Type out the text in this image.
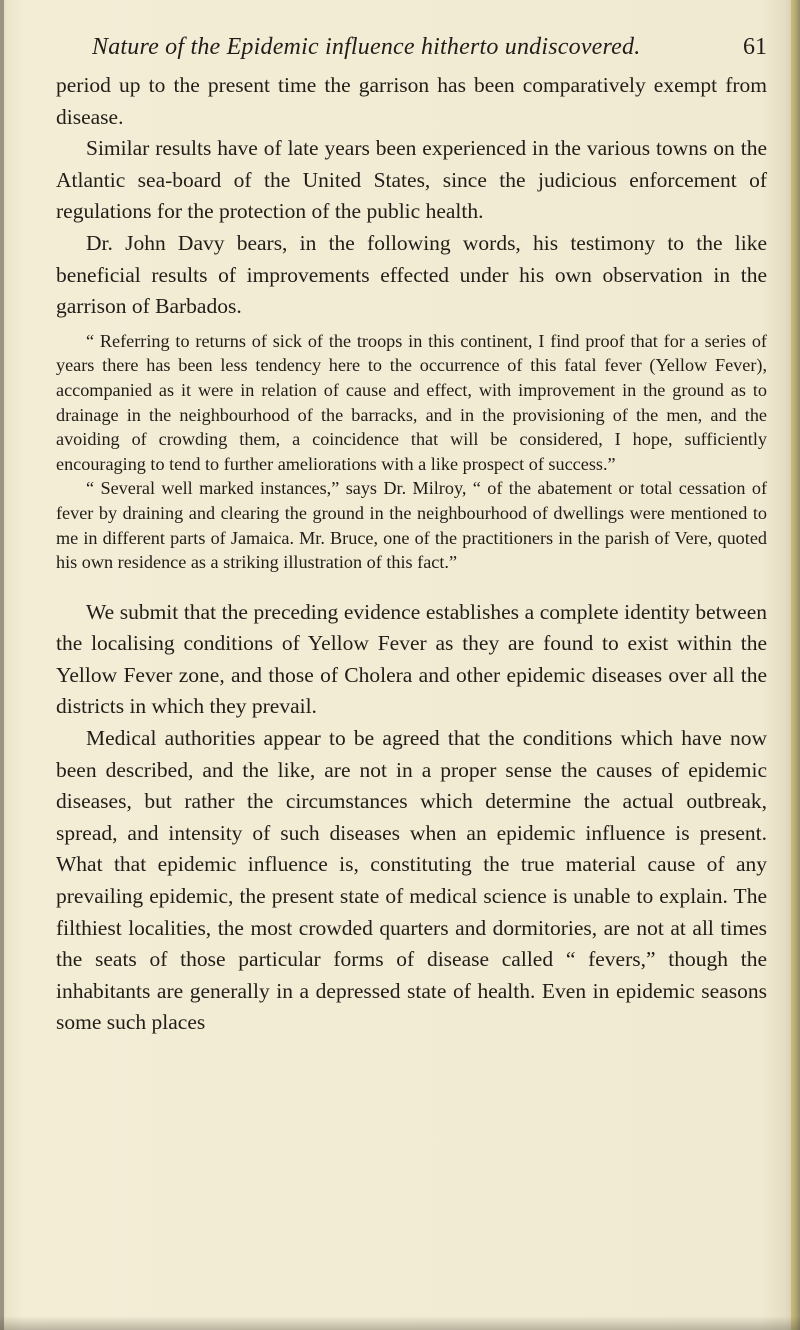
Nature of the Epidemic influence hitherto undiscovered.	61

period up to the present time the garrison has been comparatively exempt from disease.

Similar results have of late years been experienced in the various towns on the Atlantic sea-board of the United States, since the judicious enforcement of regulations for the protection of the public health.

Dr. John Davy bears, in the following words, his testimony to the like beneficial results of improvements effected under his own observation in the garrison of Barbados.

“ Referring to returns of sick of the troops in this continent, I find proof that for a series of years there has been less tendency here to the occurrence of this fatal fever (Yellow Fever), accompanied as it were in relation of cause and effect, with improvement in the ground as to drainage in the neighbourhood of the barracks, and in the provisioning of the men, and the avoiding of crowding them, a coincidence that will be considered, I hope, sufficiently encouraging to tend to further ameliorations with a like prospect of success.”

“ Several well marked instances,” says Dr. Milroy, “ of the abatement or total cessation of fever by draining and clearing the ground in the neighbourhood of dwellings were mentioned to me in different parts of Jamaica. Mr. Bruce, one of the practitioners in the parish of Vere, quoted his own residence as a striking illustration of this fact.”

We submit that the preceding evidence establishes a complete identity between the localising conditions of Yellow Fever as they are found to exist within the Yellow Fever zone, and those of Cholera and other epidemic diseases over all the districts in which they prevail.

Medical authorities appear to be agreed that the conditions which have now been described, and the like, are not in a proper sense the causes of epidemic diseases, but rather the circumstances which determine the actual outbreak, spread, and intensity of such diseases when an epidemic influence is present. What that epidemic influence is, constituting the true material cause of any prevailing epidemic, the present state of medical science is unable to explain. The filthiest localities, the most crowded quarters and dormitories, are not at all times the seats of those particular forms of disease called “ fevers,” though the inhabitants are generally in a depressed state of health. Even in epidemic seasons some such places
